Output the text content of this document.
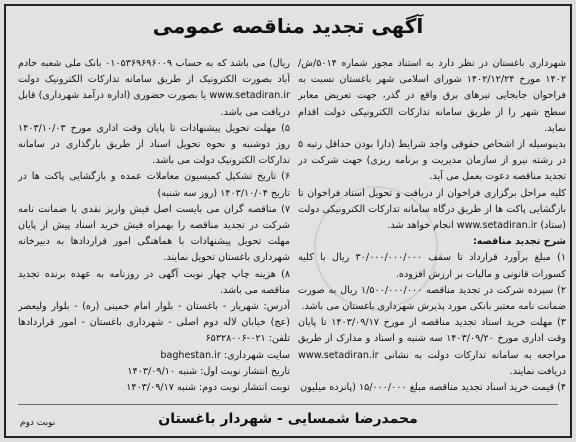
آگهی تجدید مناقصه عمومی

شهرداری باغستان در نظر دارد به استناد مجوز شماره ۵۰۱۴/ش/۱۴۰۲ مورخ ۱۴۰۲/۱۲/۲۴ شورای اسلامی شهر باغستان نسبت به فراخوان جابجایی تیرهای برق واقع در گذر، جهت تعریض معابر سطح شهر را از طریق سامانه تدارکات الکترونیکی دولت اقدام نماید.

بدینوسیله از اشخاص حقوقی واجد شرایط (دارا بودن حداقل رتبه ۵ در رشته نیرو از سازمان مدیریت و برنامه ریزی) جهت شرکت در تجدید مناقصه دعوت بعمل می آید.

کلیه مراحل برگزاری فراخوان از دریافت و تحویل اسناد فراخوان تا بازگشایی پاکت ها از طریق درگاه سامانه تدارکات الکترونیکی دولت (ستاد) www.setadiran.ir انجام خواهد شد.

شرح تجدید مناقصه:

۱) مبلغ برآورد قرارداد تا سقف ۳۰/۰۰۰/۰۰۰/۰۰۰ ریال با کلیه کسورات قانونی و مالیات بر ارزش افزوده.

۲) سپرده شرکت در تجدید مناقصه ۱/۵۰۰/۰۰۰/۰۰۰ ریال به صورت ضمانت نامه معتبر بانکی مورد پذیرش شهرداری باغستان می باشد.

۳) مهلت خرید اسناد تجدید مناقصه از مورخ ۱۴۰۳/۰۹/۱۷ تا پایان وقت اداری مورخ ۱۴۰۳/۰۹/۲۰ سه شنبه و اسناد و مدارک از طریق مراجعه به سامانه تدارکات دولت به نشانی www.setadiran.ir دریافت نمایند.

۴) قیمت خرید اسناد تجدید مناقصه مبلغ ۱۵/۰۰۰/۰۰۰ (پانزده میلیون

ریال) می باشد که به حساب ۰۱۰۵۳۶۹۶۹۶۰۰۹ بانک ملی شعبه خادم آباد بصورت الکترونیک از طریق سامانه تدارکات الکترونیک دولت www.setadiran.ir یا بصورت حضوری (اداره درآمد شهرداری) قابل دریافت می باشد.

۵) مهلت تحویل پیشنهادات تا پایان وقت اداری مورخ ۱۴۰۳/۱۰/۰۳ روز دوشنبه و نحوه تحویل اسناد از طریق بارگذاری در سامانه تدارکات الکترونیک دولت می باشد.

۶) تاریخ تشکیل کمیسیون معاملات عمده و بازگشایی پاکت ها در تاریخ ۱۴۰۳/۱۰/۰۴ (روز سه شنبه)

۷) مناقصه گران می بایست اصل فیش واریز نقدی یا ضمانت نامه شرکت در تجدید مناقصه را بهمراه فیش خرید اسناد پیش از پایان مهلت تحویل پیشنهادات با هماهنگی امور قراردادها به دبیرخانه شهرداری باغستان تحویل نمایند.

۸) هزینه چاپ چهار نوبت آگهی در روزنامه به عهده برنده تجدید مناقصه می باشد.

آدرس: شهریار - باغستان - بلوار امام خمینی (ره) - بلوار ولیعصر (عج) خیابان لاله دوم اصلی - شهرداری باغستان - امور قراردادها تلفن: ۰۲۱-۶۵۳۲۸۰۰۶

سایت شهرداری: baghestan.ir

تاریخ انتشار نوبت اول: شنبه ۱۴۰۳/۰۹/۱۰

نوبت انتشار نوبت دوم: شنبه ۱۴۰۳/۰۹/۱۷

محمدرضا شمسایی - شهردار باغستان
نوبت دوم
